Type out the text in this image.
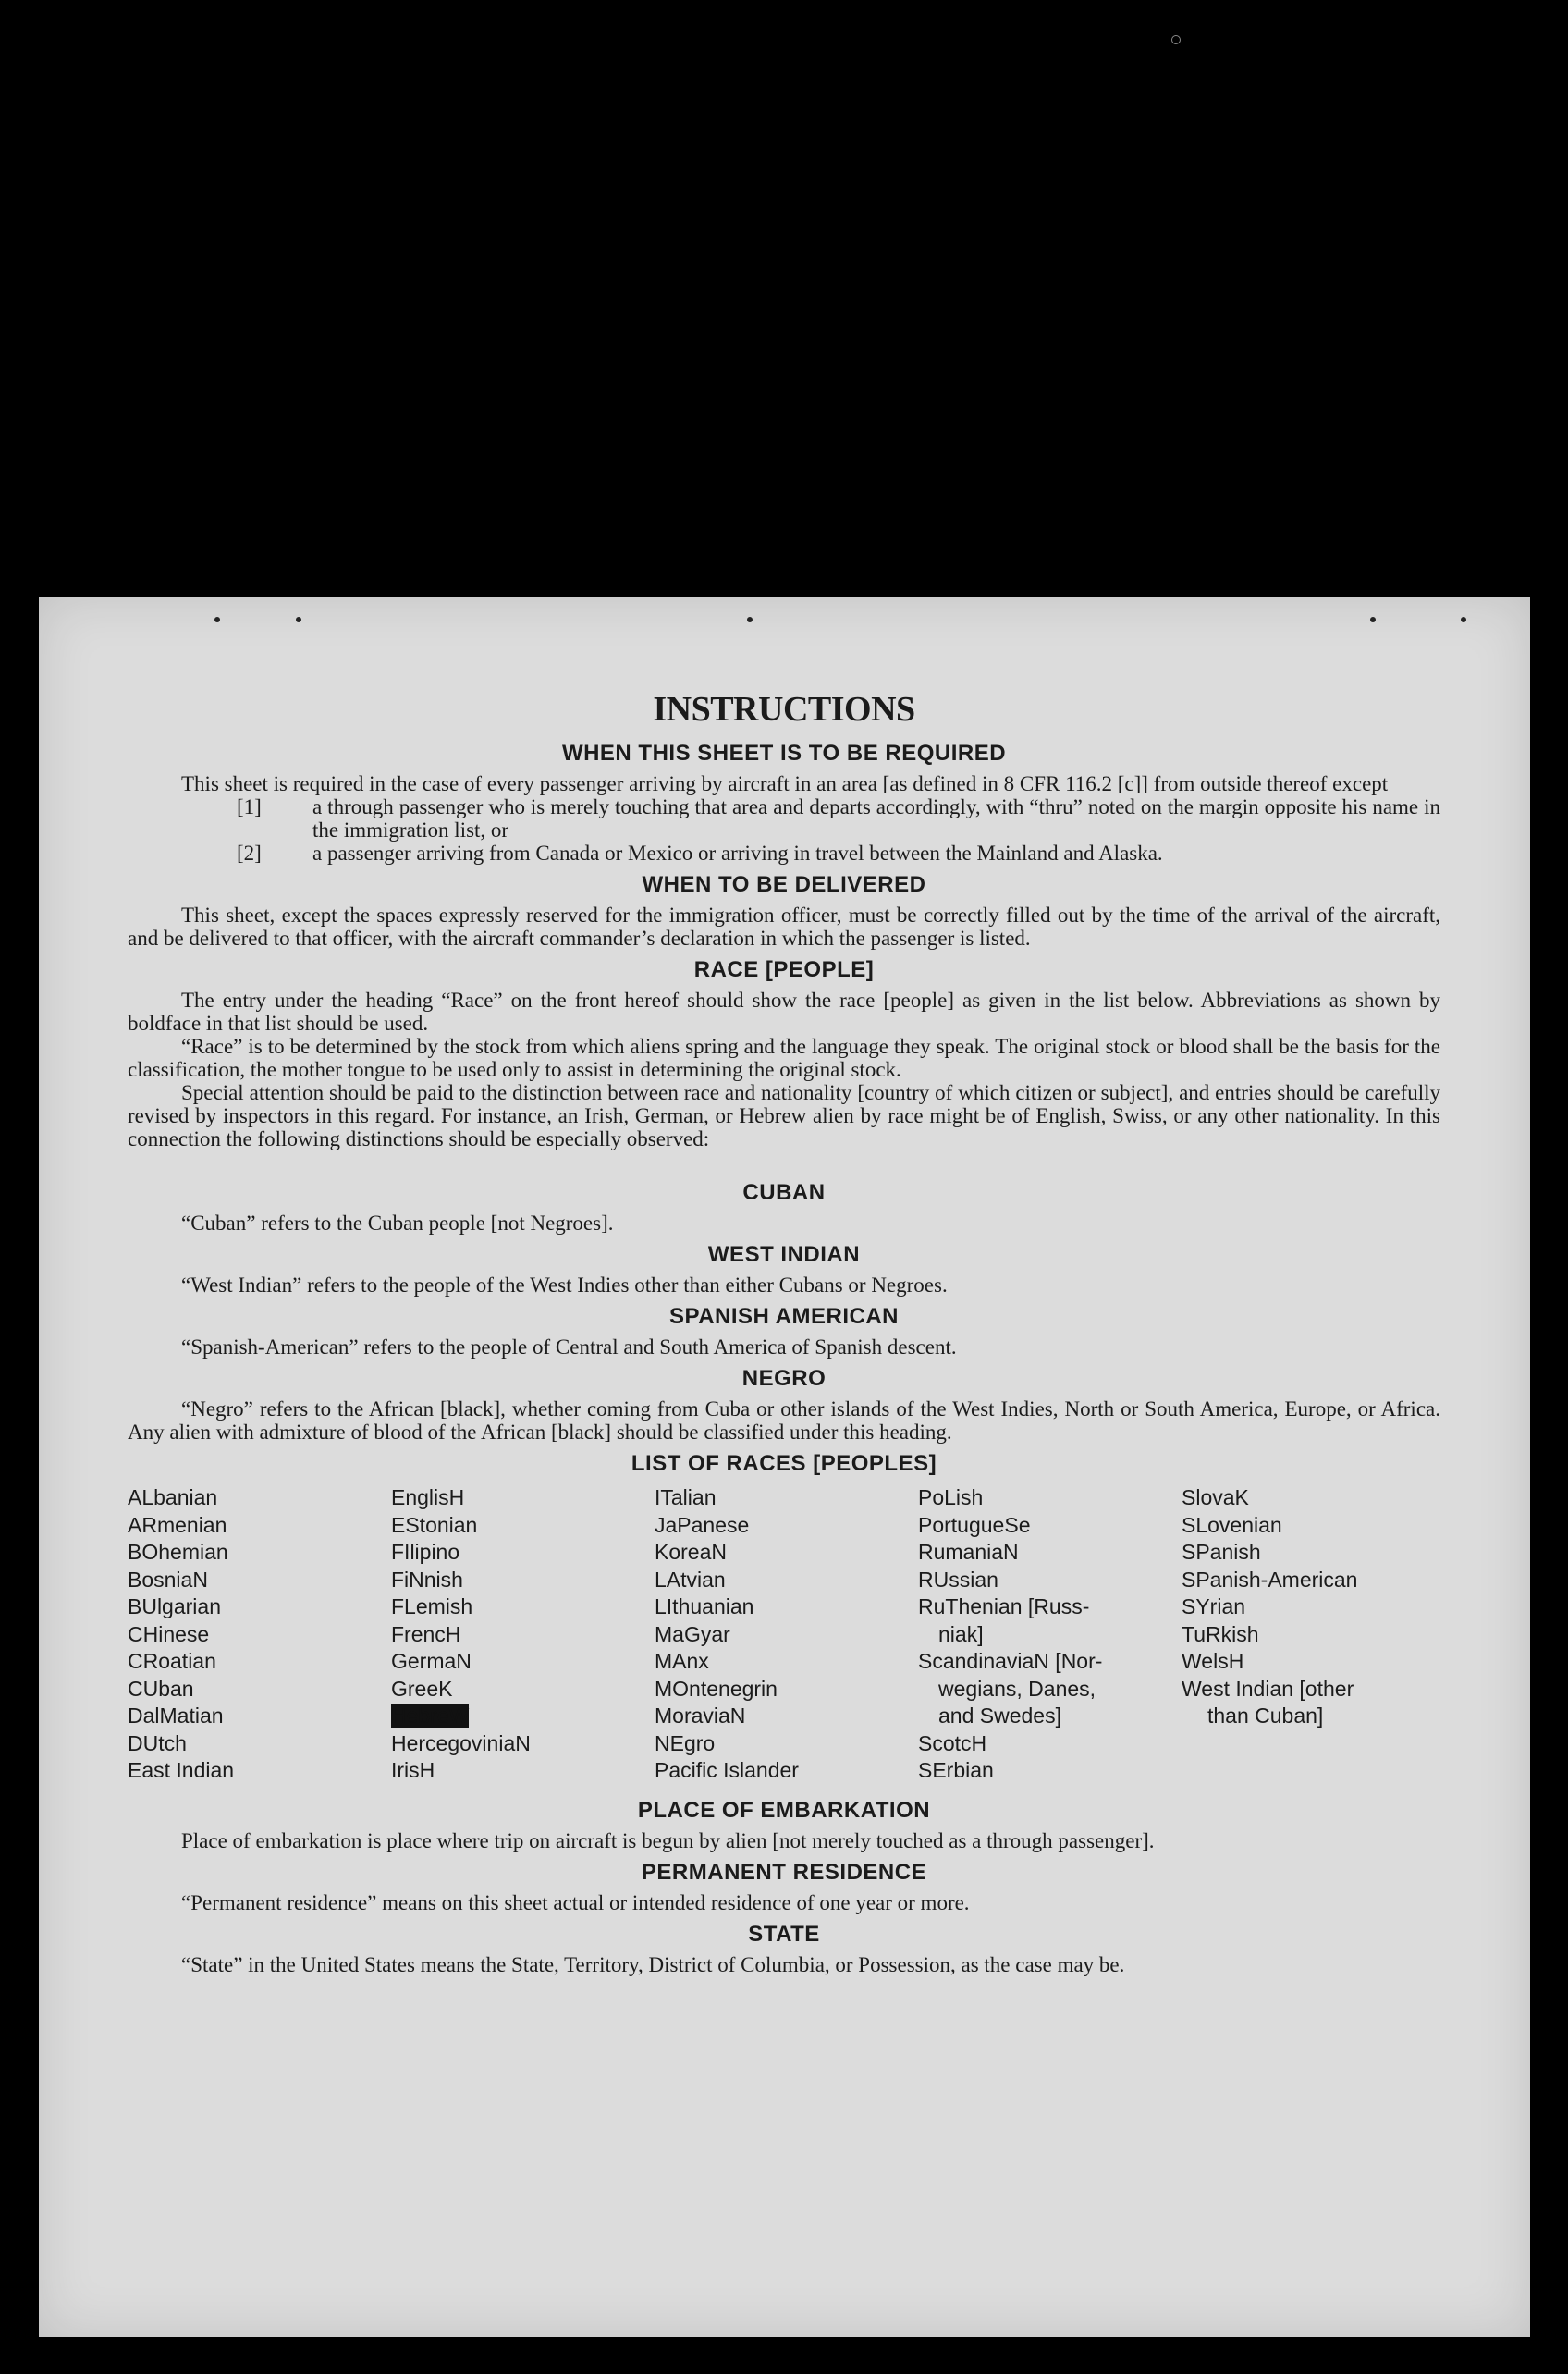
INSTRUCTIONS
WHEN THIS SHEET IS TO BE REQUIRED

This sheet is required in the case of every passenger arriving by aircraft in an area [as defined in 8 CFR 116.2 [c]] from outside thereof except

[1] a through passenger who is merely touching that area and departs accordingly, with “thru” noted on the margin opposite his name in the immigration list, or
[2] a passenger arriving from Canada or Mexico or arriving in travel between the Mainland and Alaska.
WHEN TO BE DELIVERED

This sheet, except the spaces expressly reserved for the immigration officer, must be correctly filled out by the time of the arrival of the aircraft, and be delivered to that officer, with the aircraft commander’s declaration in which the passenger is listed.

RACE [PEOPLE]

The entry under the heading “Race” on the front hereof should show the race [people] as given in the list below. Abbreviations as shown by boldface in that list should be used.

“Race” is to be determined by the stock from which aliens spring and the language they speak. The original stock or blood shall be the basis for the classification, the mother tongue to be used only to assist in determining the original stock.

Special attention should be paid to the distinction between race and nationality [country of which citizen or subject], and entries should be carefully revised by inspectors in this regard. For instance, an Irish, German, or Hebrew alien by race might be of English, Swiss, or any other nationality. In this connection the following distinctions should be especially observed:

CUBAN

“Cuban” refers to the Cuban people [not Negroes].

WEST INDIAN

“West Indian” refers to the people of the West Indies other than either Cubans or Negroes.

SPANISH AMERICAN

“Spanish-American” refers to the people of Central and South America of Spanish descent.

NEGRO

“Negro” refers to the African [black], whether coming from Cuba or other islands of the West Indies, North or South America, Europe, or Africa. Any alien with admixture of blood of the African [black] should be classified under this heading.

LIST OF RACES [PEOPLES]
ALbanian
ARmenian
BOhemian
BosniaN
BUlgarian
CHinese
CRoatian
CUban
DalMatian
DUtch
East Indian
EnglisH
EStonian
FIlipino
FiNnish
FLemish
FrencH
GermaN
GreeK
HebreW
HercegoviniaN
IrisH
ITalian
JaPanese
KoreaN
LAtvian
LIthuanian
MaGyar
MAnx
MOntenegrin
MoraviaN
NEgro
Pacific Islander
PoLish
PortugueSe
RumaniaN
RUssian
RuThenian [Russ-
niak]
ScandinaviaN [Nor-
wegians, Danes,
and Swedes]
ScotcH
SErbian
SlovaK
SLovenian
SPanish
SPanish-American
SYrian
TuRkish
WelsH
West Indian [other
than Cuban]
PLACE OF EMBARKATION

Place of embarkation is place where trip on aircraft is begun by alien [not merely touched as a through passenger].

PERMANENT RESIDENCE

“Permanent residence” means on this sheet actual or intended residence of one year or more.

STATE

“State” in the United States means the State, Territory, District of Columbia, or Possession, as the case may be.
